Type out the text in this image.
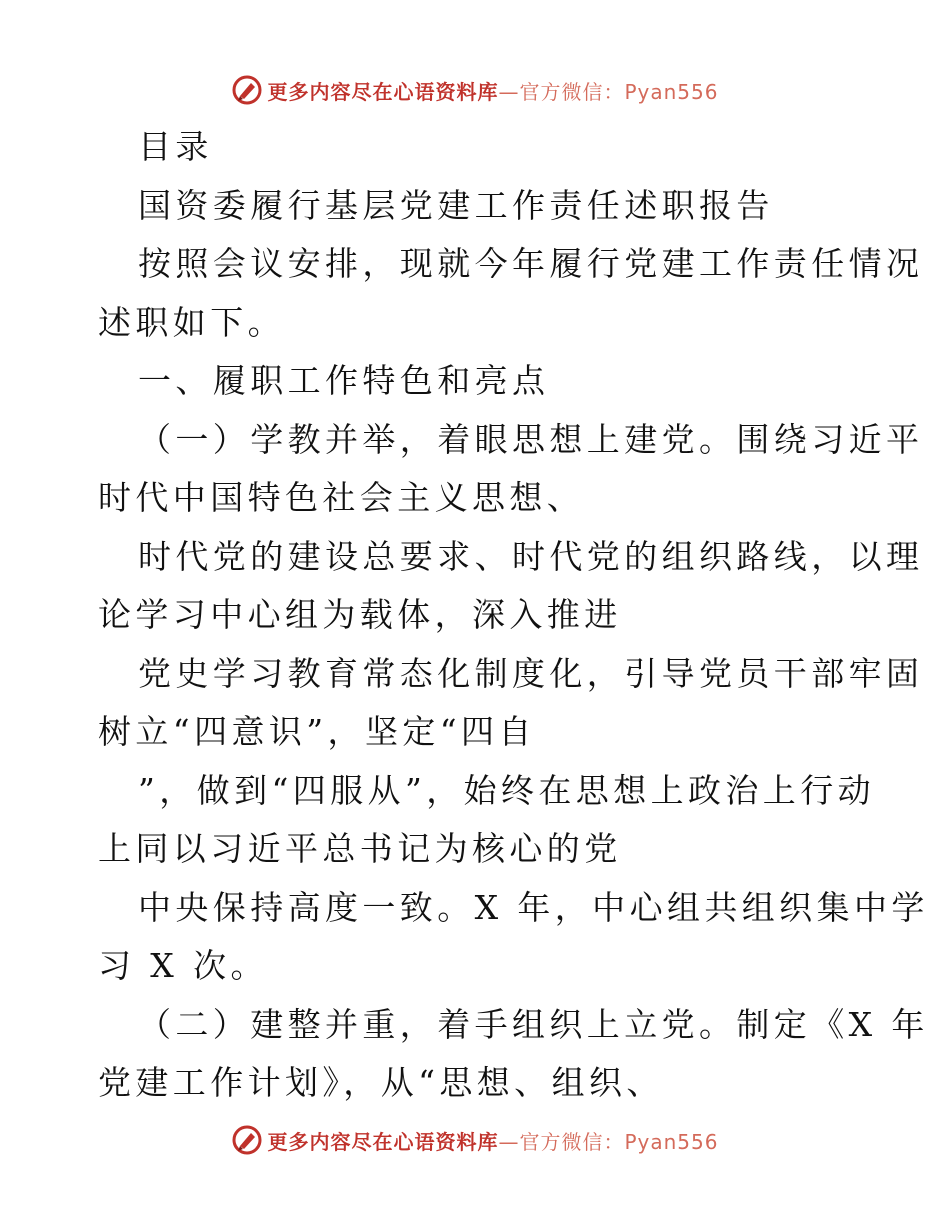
更多内容尽在心语资料库 —官方微信：Pyan556
目录
国资委履行基层党建工作责任述职报告
按照会议安排，现就今年履行党建工作责任情况
述职如下。
一、履职工作特色和亮点
（一）学教并举，着眼思想上建党。围绕习近平
时代中国特色社会主义思想、
时代党的建设总要求、时代党的组织路线，以理
论学习中心组为载体，深入推进
党史学习教育常态化制度化，引导党员干部牢固
树立“四意识”，坚定“四自
”，做到“四服从”，始终在思想上政治上行动
上同以习近平总书记为核心的党
中央保持高度一致。X 年，中心组共组织集中学
习 X 次。
（二）建整并重，着手组织上立党。制定《X 年
党建工作计划》，从“思想、组织、
更多内容尽在心语资料库 —官方微信：Pyan556
